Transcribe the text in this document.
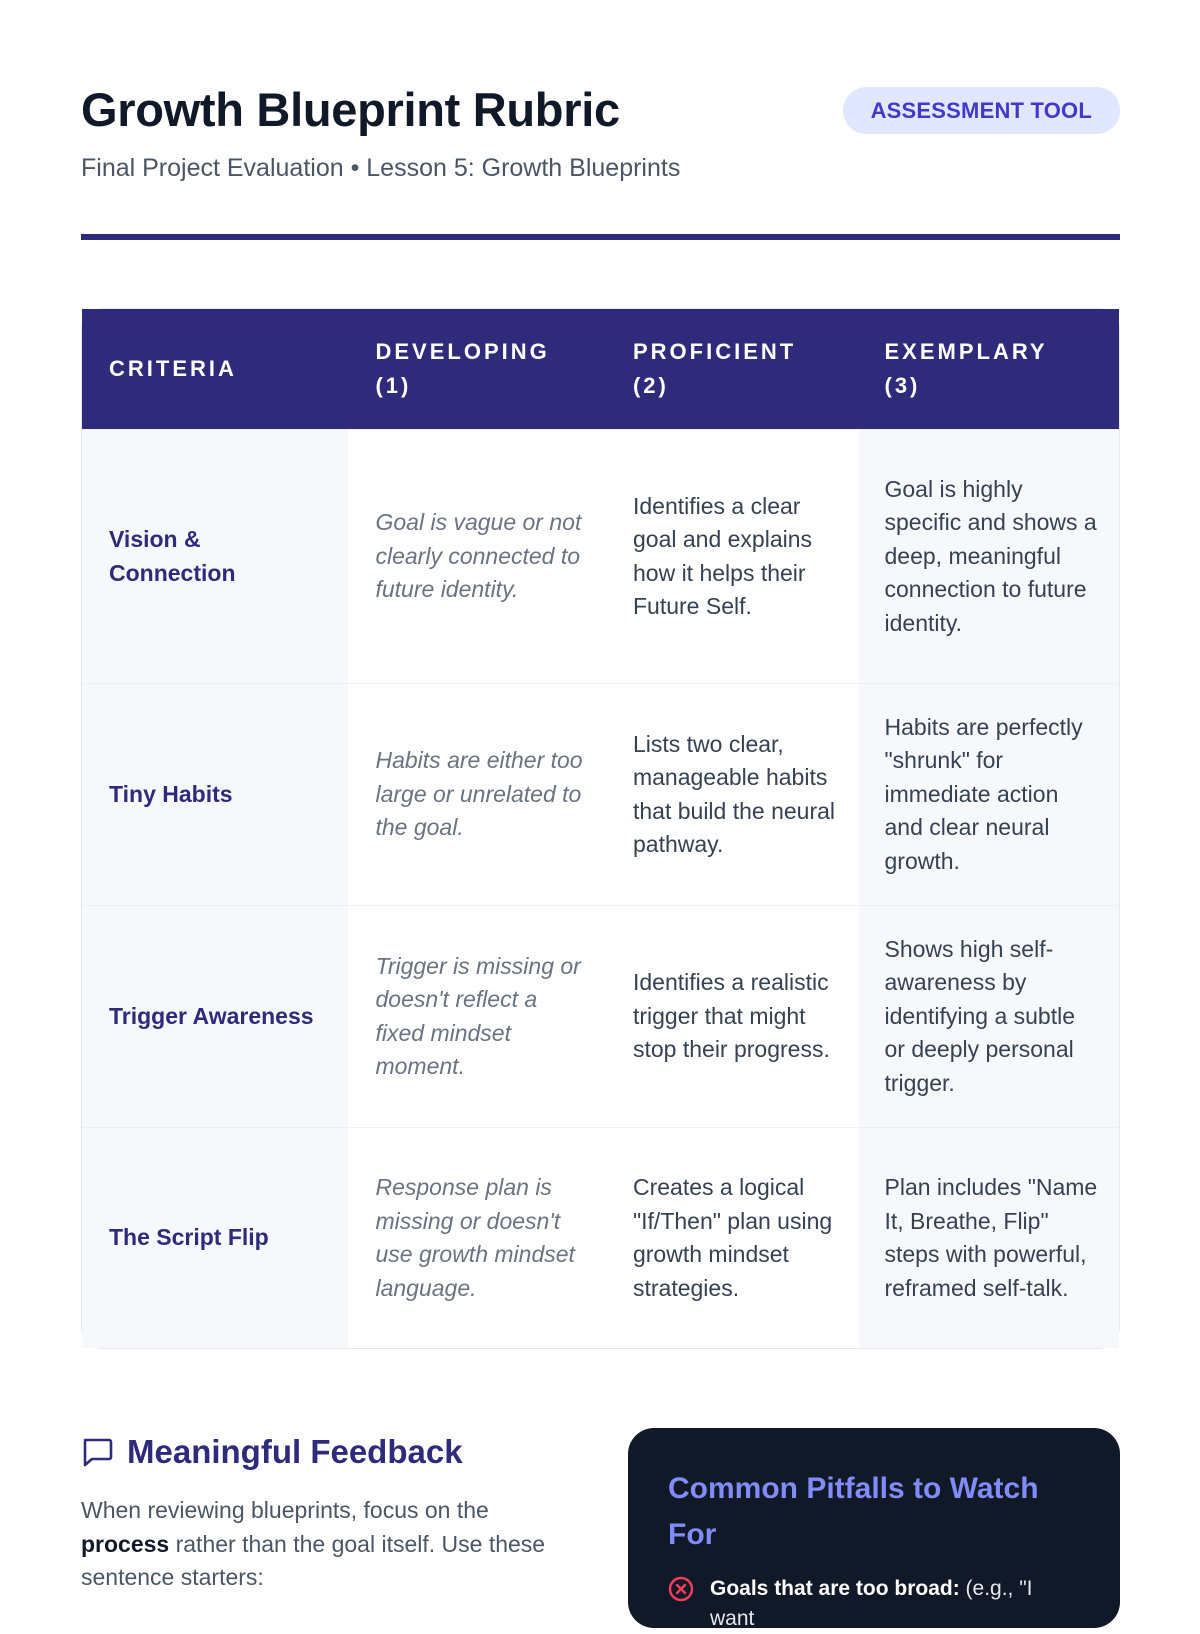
Growth Blueprint Rubric
Final Project Evaluation • Lesson 5: Growth Blueprints
ASSESSMENT TOOL
CRITERIA
DEVELOPING
(1)
PROFICIENT
(2)
EXEMPLARY
(3)
Vision & Connection
Goal is vague or not clearly connected to future identity.
Identifies a clear goal and explains how it helps their Future Self.
Goal is highly specific and shows a deep, meaningful connection to future identity.
Tiny Habits
Habits are either too large or unrelated to the goal.
Lists two clear, manageable habits that build the neural pathway.
Habits are perfectly "shrunk" for immediate action and clear neural growth.
Trigger Awareness
Trigger is missing or doesn't reflect a fixed mindset moment.
Identifies a realistic trigger that might stop their progress.
Shows high self-awareness by identifying a subtle or deeply personal trigger.
The Script Flip
Response plan is missing or doesn't use growth mindset language.
Creates a logical "If/Then" plan using growth mindset strategies.
Plan includes "Name It, Breathe, Flip" steps with powerful, reframed self-talk.
Meaningful Feedback

When reviewing blueprints, focus on the process rather than the goal itself. Use these sentence starters:

Common Pitfalls to Watch For
Goals that are too broad: (e.g., "I want
